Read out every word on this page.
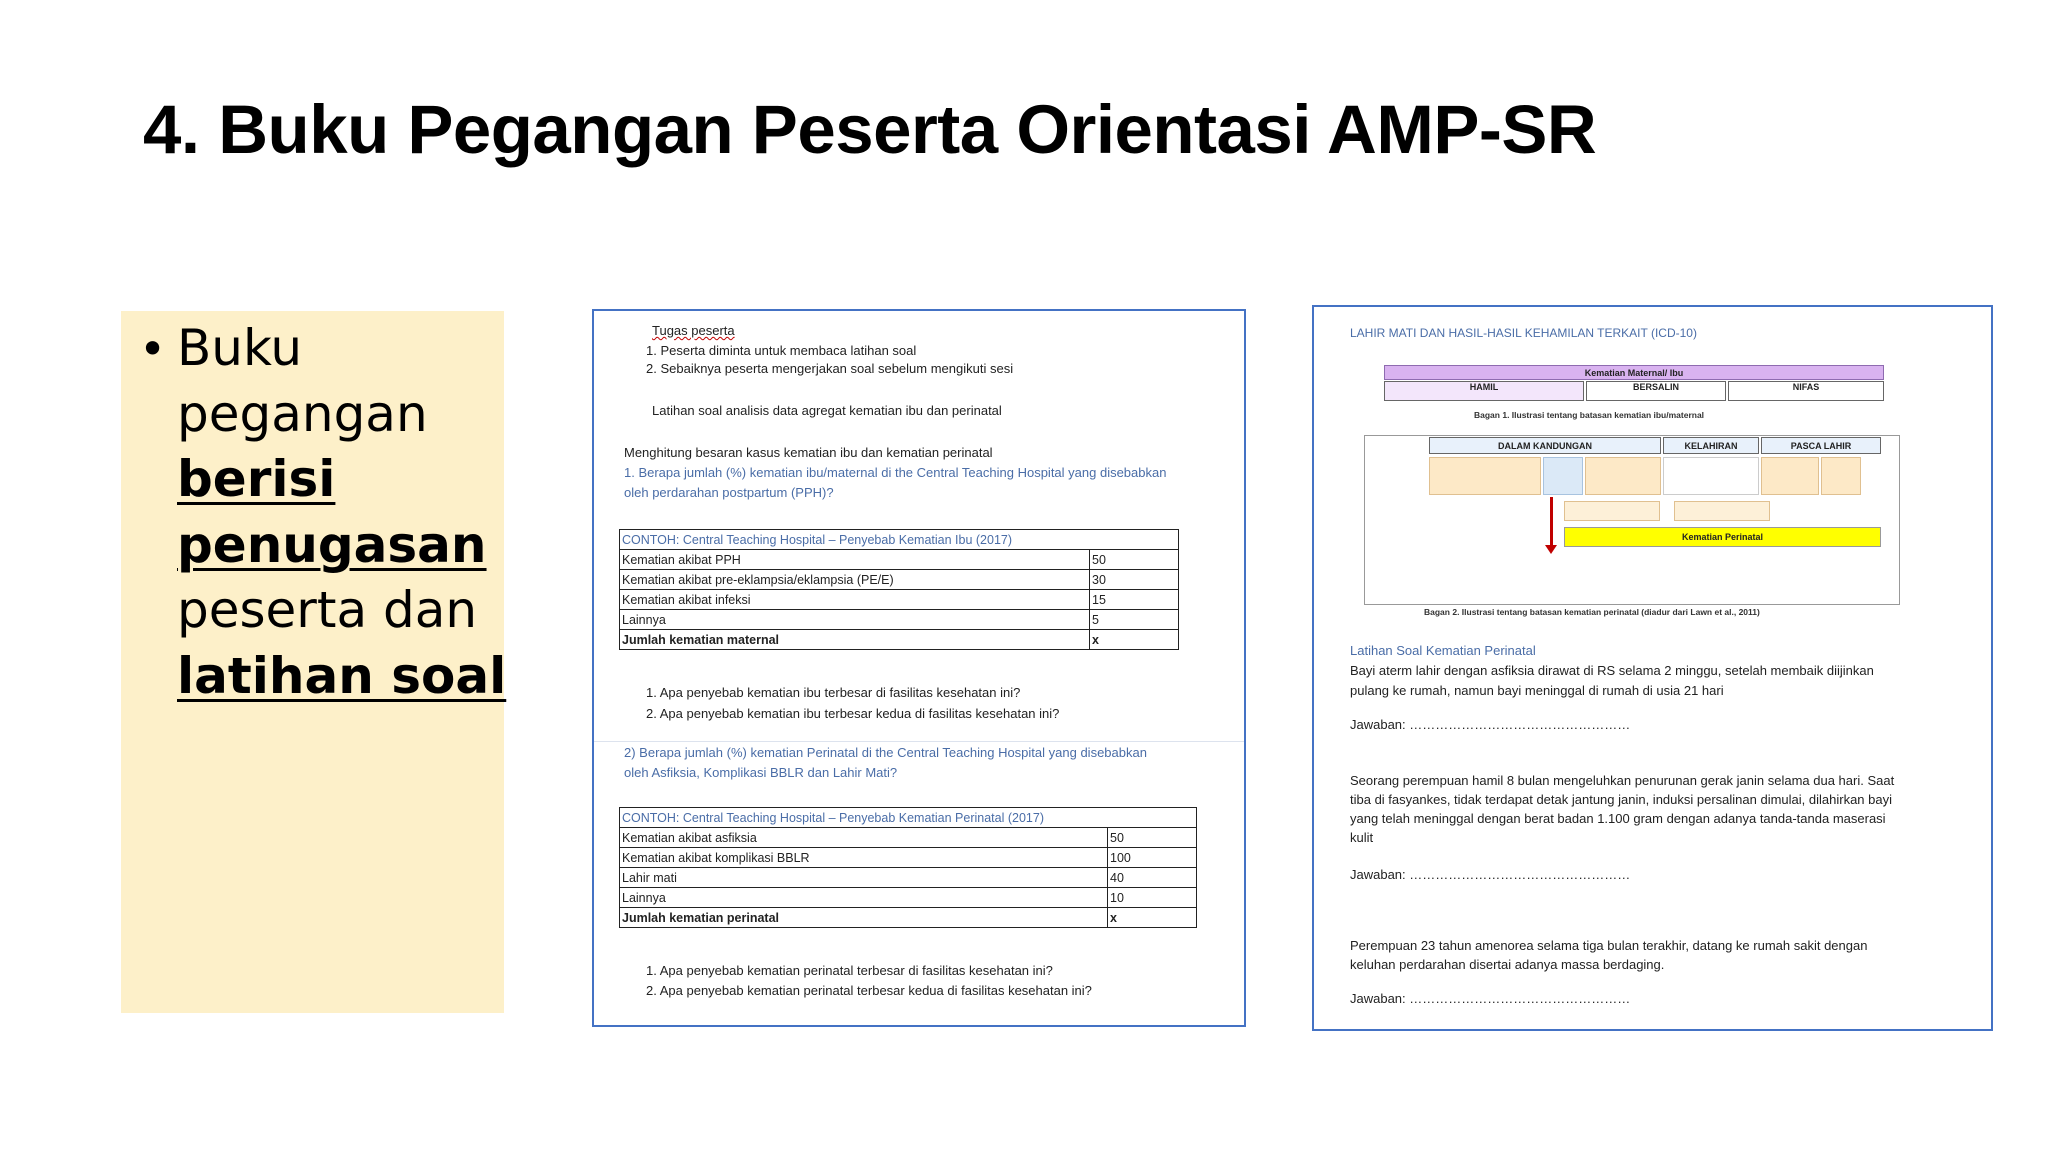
4. Buku Pegangan Peserta Orientasi AMP-SR
• Buku
pegangan
berisi
penugasan
peserta dan
latihan soal
Tugas peserta
1. Peserta diminta untuk membaca latihan soal
2. Sebaiknya peserta mengerjakan soal sebelum mengikuti sesi
Latihan soal analisis data agregat kematian ibu dan perinatal
Menghitung besaran kasus kematian ibu dan kematian perinatal
1. Berapa jumlah (%) kematian ibu/maternal di the Central Teaching Hospital yang disebabkan
oleh perdarahan postpartum (PPH)?
CONTOH: Central Teaching Hospital – Penyebab Kematian Ibu (2017)	
Kematian akibat PPH	50
Kematian akibat pre-eklampsia/eklampsia (PE/E)	30
Kematian akibat infeksi	15
Lainnya	5
Jumlah kematian maternal	x
1. Apa penyebab kematian ibu terbesar di fasilitas kesehatan ini?
2. Apa penyebab kematian ibu terbesar kedua di fasilitas kesehatan ini?
2) Berapa jumlah (%) kematian Perinatal di the Central Teaching Hospital yang disebabkan
oleh Asfiksia, Komplikasi BBLR dan Lahir Mati?
CONTOH: Central Teaching Hospital – Penyebab Kematian Perinatal (2017)	
Kematian akibat asfiksia	50
Kematian akibat komplikasi BBLR	100
Lahir mati	40
Lainnya	10
Jumlah kematian perinatal	x
1. Apa penyebab kematian perinatal terbesar di fasilitas kesehatan ini?
2. Apa penyebab kematian perinatal terbesar kedua di fasilitas kesehatan ini?
LAHIR MATI DAN HASIL-HASIL KEHAMILAN TERKAIT (ICD-10)
Kematian Maternal/ Ibu
HAMIL	BERSALIN	NIFAS
Bagan 1. Ilustrasi tentang batasan kematian ibu/maternal
DALAM KANDUNGAN	KELAHIRAN	PASCA LAHIR
Kematian Perinatal
Bagan 2. Ilustrasi tentang batasan kematian perinatal (diadur dari Lawn et al., 2011)
Latihan Soal Kematian Perinatal
Bayi aterm lahir dengan asfiksia dirawat di RS selama 2 minggu, setelah membaik diijinkan
pulang ke rumah, namun bayi meninggal di rumah di usia 21 hari
Jawaban: ……………………………………………
Seorang perempuan hamil 8 bulan mengeluhkan penurunan gerak janin selama dua hari. Saat
tiba di fasyankes, tidak terdapat detak jantung janin, induksi persalinan dimulai, dilahirkan bayi
yang telah meninggal dengan berat badan 1.100 gram dengan adanya tanda-tanda maserasi
kulit
Jawaban: ……………………………………………
Perempuan 23 tahun amenorea selama tiga bulan terakhir, datang ke rumah sakit dengan
keluhan perdarahan disertai adanya massa berdaging.
Jawaban: ……………………………………………
